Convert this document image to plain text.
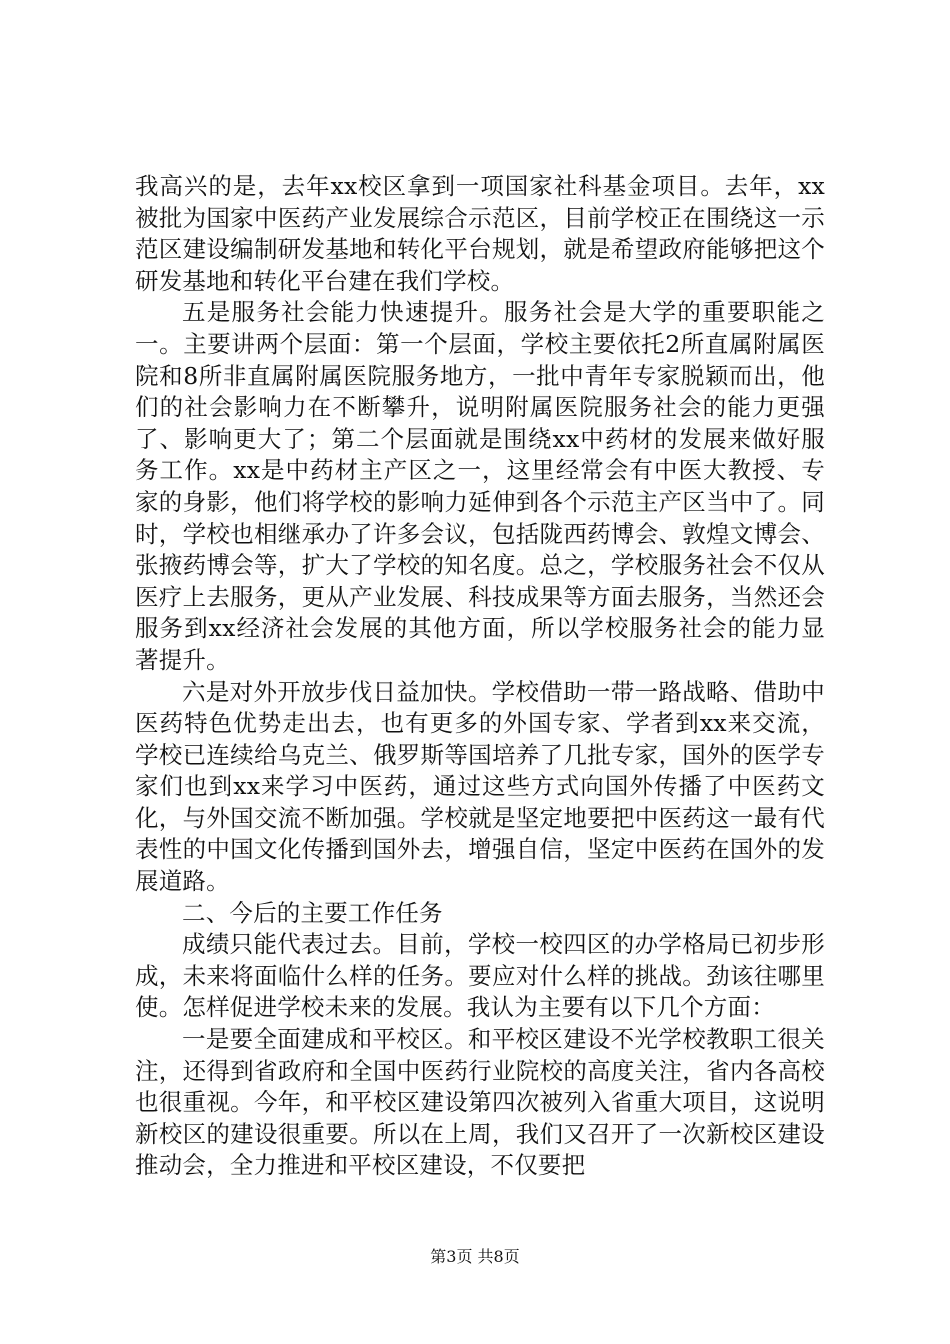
我高兴的是，去年xx校区拿到一项国家社科基金项目。去年，xx被批为国家中医药产业发展综合示范区，目前学校正在围绕这一示范区建设编制研发基地和转化平台规划，就是希望政府能够把这个研发基地和转化平台建在我们学校。

五是服务社会能力快速提升。服务社会是大学的重要职能之一。主要讲两个层面：第一个层面，学校主要依托2所直属附属医院和8所非直属附属医院服务地方，一批中青年专家脱颖而出，他们的社会影响力在不断攀升，说明附属医院服务社会的能力更强了、影响更大了；第二个层面就是围绕xx中药材的发展来做好服务工作。xx是中药材主产区之一，这里经常会有中医大教授、专家的身影，他们将学校的影响力延伸到各个示范主产区当中了。同时，学校也相继承办了许多会议，包括陇西药博会、敦煌文博会、张掖药博会等，扩大了学校的知名度。总之，学校服务社会不仅从医疗上去服务，更从产业发展、科技成果等方面去服务，当然还会服务到xx经济社会发展的其他方面，所以学校服务社会的能力显著提升。

六是对外开放步伐日益加快。学校借助一带一路战略、借助中医药特色优势走出去，也有更多的外国专家、学者到xx来交流，学校已连续给乌克兰、俄罗斯等国培养了几批专家，国外的医学专家们也到xx来学习中医药，通过这些方式向国外传播了中医药文化，与外国交流不断加强。学校就是坚定地要把中医药这一最有代表性的中国文化传播到国外去，增强自信，坚定中医药在国外的发展道路。

二、今后的主要工作任务

成绩只能代表过去。目前，学校一校四区的办学格局已初步形成，未来将面临什么样的任务。要应对什么样的挑战。劲该往哪里使。怎样促进学校未来的发展。我认为主要有以下几个方面：

一是要全面建成和平校区。和平校区建设不光学校教职工很关注，还得到省政府和全国中医药行业院校的高度关注，省内各高校也很重视。今年，和平校区建设第四次被列入省重大项目，这说明新校区的建设很重要。所以在上周，我们又召开了一次新校区建设推动会，全力推进和平校区建设，不仅要把

第3页 共8页
